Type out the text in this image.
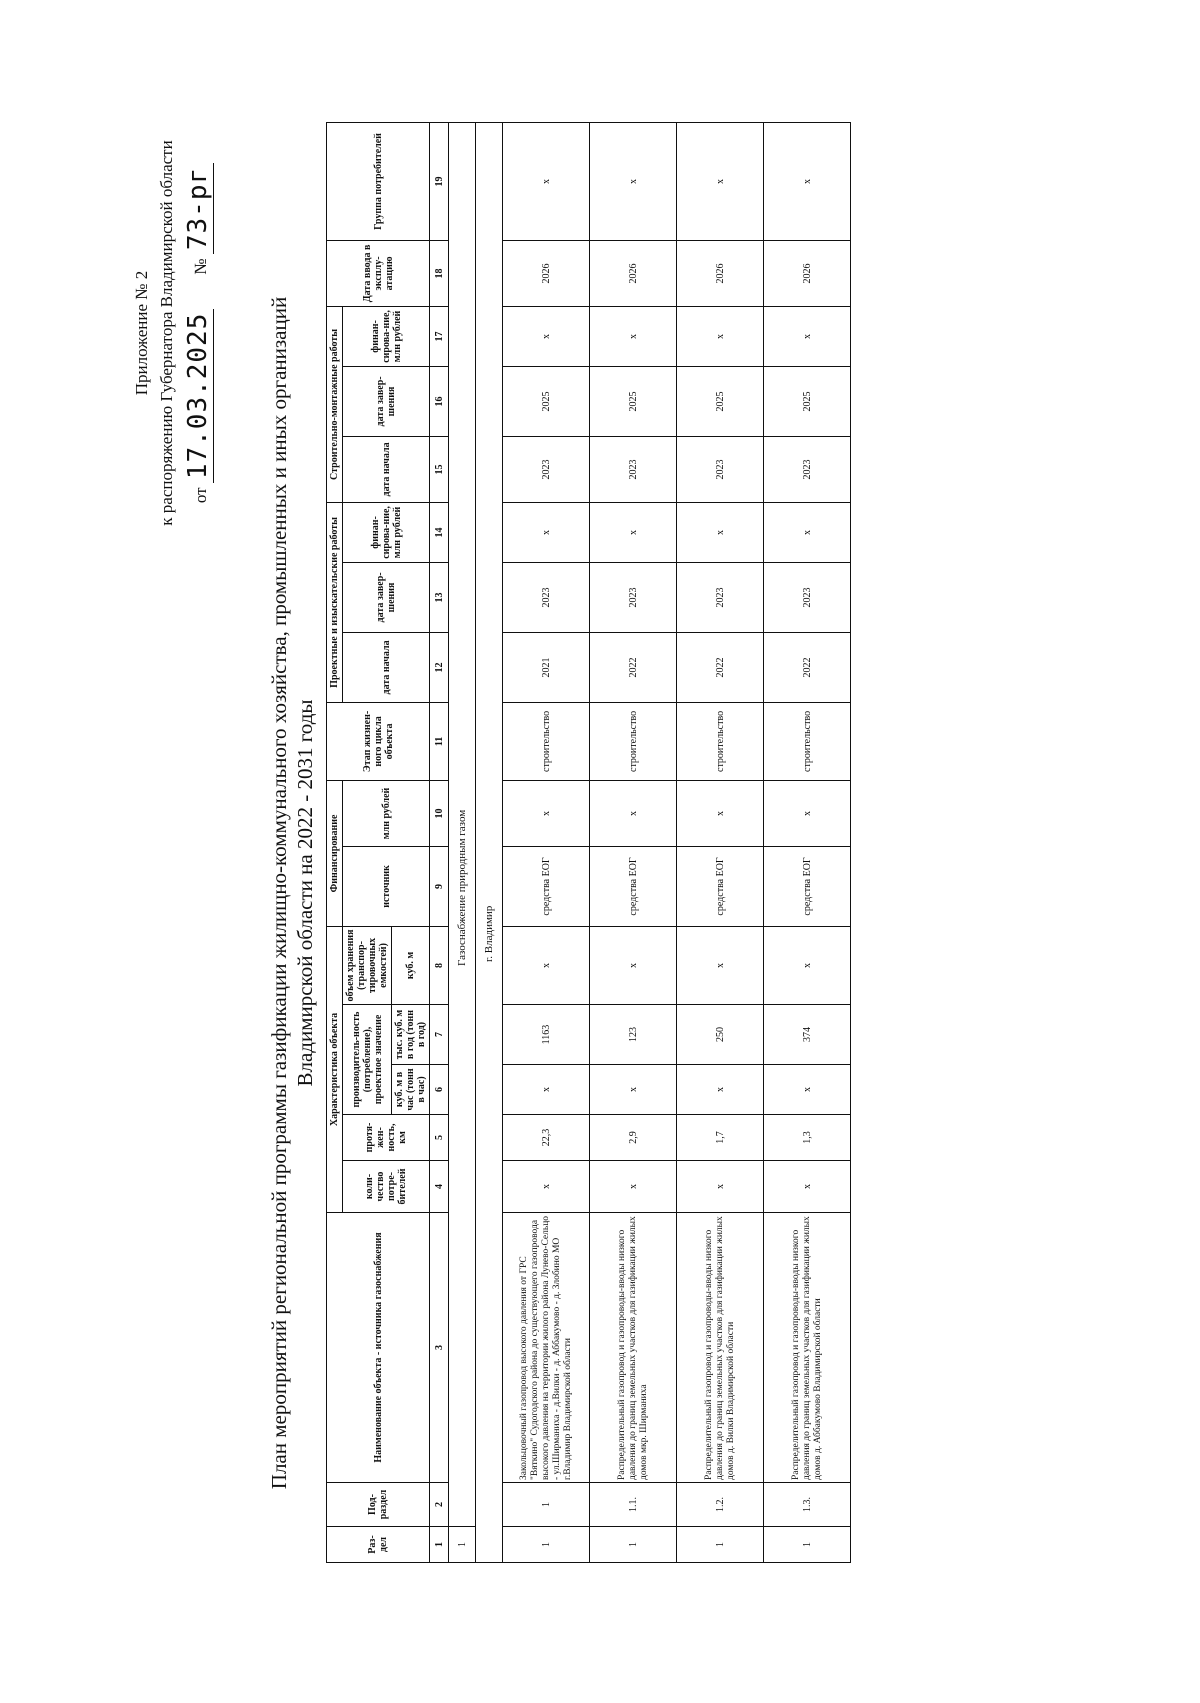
Приложение № 2 к распоряжению Губернатора Владимирской области от 17.03.2025        № 73-рг
План мероприятий региональной программы газификации жилищно-коммунального хозяйства, промышленных и иных организаций Владимирской области на 2022 - 2031 годы
Раз-дел	Под-раздел	Наименование объекта - источника газоснабжения	Характеристика объекта					Финансирование		Этап жизнен-ного цикла объекта	Проектные и изыскательские работы			Строительно-монтажные работы			Дата ввода в эксплу-атацию	Группа потребителей
			коли-чество потре-бителей	протя-жен-ность, км	производитель-ность (потребление), проектное значение		объем хранения (транспор-тировочных емкостей)	источник	млн рублей		дата начала	дата завер-шения	финан-сирова-ние, млн рублей	дата начала	дата завер-шения	финан-сирова-ние, млн рублей		
					куб. м в час (тонн в час)	тыс. куб. м в год (тонн в год)	куб. м											
1	2	3	4	5	6	7	8	9	10	11	12	13	14	15	16	17	18	19
1	Газоснабжение природным газом																	
г. Владимир																		
1	1	Закольцовочный газопровод высокого давления от ГРС "Вяткино" Судогодского района до существующего газопровода высокого давления на территории жилого района Лунево-Сельцо - ул.Ширманиха - д.Вилки - д. Аббакумово - д. Злобино МО г.Владимир Владимирской области	x	22,3	x	1163	x	средства ЕОГ	x	строительство	2021	2023	x	2023	2025	x	2026	x
1	1.1.	Распределительный газопровод и газопроводы-вводы низкого давления до границ земельных участков для газификации жилых домов мкр. Ширманиха	x	2,9	x	123	x	средства ЕОГ	x	строительство	2022	2023	x	2023	2025	x	2026	x
1	1.2.	Распределительный газопровод и газопроводы-вводы низкого давления до границ земельных участков для газификации жилых домов д. Вилки Владимирской области	x	1,7	x	250	x	средства ЕОГ	x	строительство	2022	2023	x	2023	2025	x	2026	x
1	1.3.	Распределительный газопровод и газопроводы-вводы низкого давления до границ земельных участков для газификации жилых домов д. Аббакумово Владимирской области	x	1,3	x	374	x	средства ЕОГ	x	строительство	2022	2023	x	2023	2025	x	2026	x
